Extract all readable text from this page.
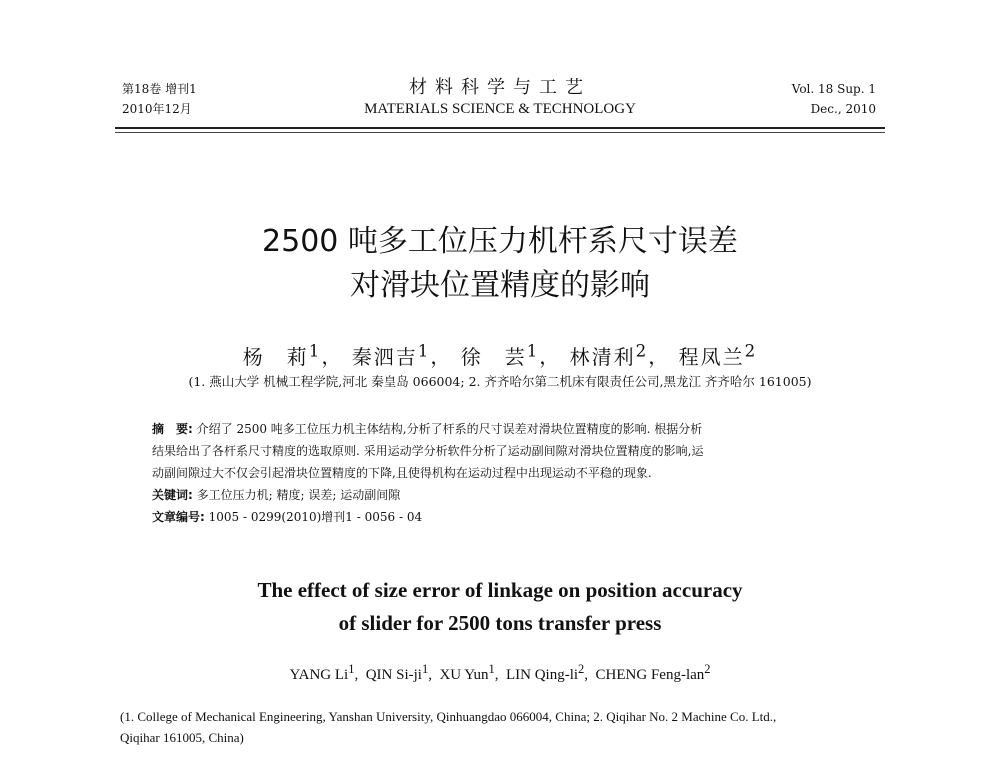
第18卷 增刊1
2010年12月
材料科学与工艺
MATERIALS SCIENCE & TECHNOLOGY
Vol. 18 Sup. 1
Dec., 2010
2500 吨多工位压力机杆系尺寸误差
对滑块位置精度的影响
杨　莉$^1$， 秦泗吉$^1$， 徐　芸$^1$， 林清利$^2$， 程凤兰$^2$
(1. 燕山大学 机械工程学院,河北 秦皇岛 066004; 2. 齐齐哈尔第二机床有限责任公司,黑龙江 齐齐哈尔 161005)

摘　要: 介绍了 2500 吨多工位压力机主体结构,分析了杆系的尺寸误差对滑块位置精度的影响. 根据分析

结果给出了各杆系尺寸精度的选取原则. 采用运动学分析软件分析了运动副间隙对滑块位置精度的影响,运

动副间隙过大不仅会引起滑块位置精度的下降,且使得机构在运动过程中出现运动不平稳的现象.

关键词: 多工位压力机; 精度; 误差; 运动副间隙

文章编号: 1005 - 0299(2010)增刊1 - 0056 - 04

The effect of size error of linkage on position accuracy
of slider for 2500 tons transfer press
YANG Li$^1$,  QIN $Si-ji^1$,  XU Yun$^1$,  LIN Qing-$li^2$,  CHENG Feng-lan$^2$
(1. College of Mechanical Engineering, Yanshan University, Qinhuangdao 066004, China; 2. Qiqihar No. 2 Machine Co. Ltd.,
Qiqihar 161005, China)
